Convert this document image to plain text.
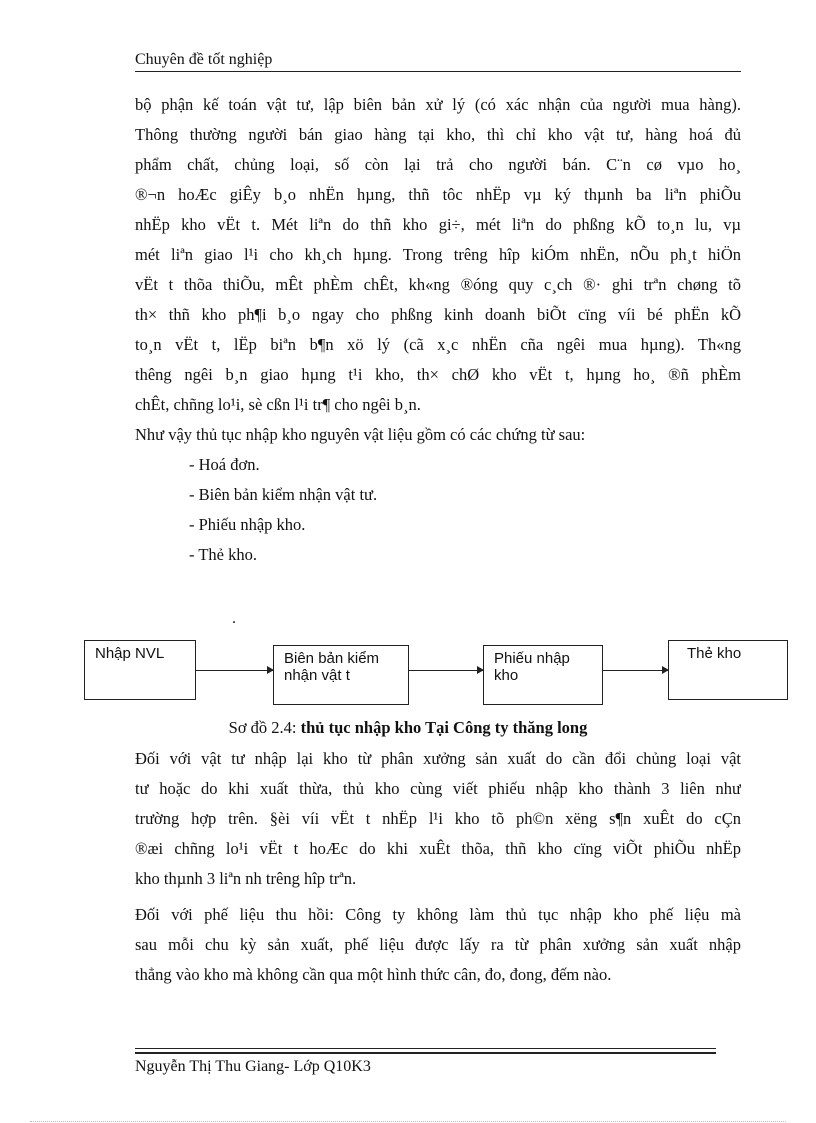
Chuyên đề tốt nghiệp
bộ phận kế toán vật tư, lập biên bản xử lý (có xác nhận của người mua hàng).
Thông thường người bán giao hàng tại kho, thì chỉ kho vật tư, hàng hoá đủ
phẩm chất, chủng loại, số còn lại trả cho người bán. C¨n cø vµo ho¸
®¬n hoÆc giÊy b¸o nhËn hµng, thñ tôc nhËp vµ ký thµnh ba liªn phiÕu
nhËp kho vËt t. Mét liªn do thñ kho gi÷, mét liªn do phßng kÕ to¸n lu, vµ
mét liªn giao l¹i cho kh¸ch hµng. Trong trêng hîp kiÓm nhËn, nÕu ph¸t hiÖn
vËt t thõa thiÕu, mÊt phÈm chÊt, kh«ng ®óng quy c¸ch ®· ghi trªn chøng tõ
th× thñ kho ph¶i b¸o ngay cho phßng kinh doanh biÕt cïng víi bé phËn kÕ
to¸n vËt t, lËp biªn b¶n xö lý (cã x¸c nhËn cña ngêi mua hµng). Th«ng
thêng ngêi b¸n giao hµng t¹i kho, th× chØ kho vËt t, hµng ho¸ ®ñ phÈm
chÊt, chñng lo¹i, sè cßn l¹i tr¶ cho ngêi b¸n.
Như vậy thủ tục nhập kho nguyên vật liệu gồm có các chứng từ sau:
- Hoá đơn.
- Biên bản kiểm nhận vật tư.
- Phiếu nhập kho.
- Thẻ kho.
.
Nhập NVL	Biên bản kiểm
nhận vật t
Phiếu nhập
kho
Thẻ kho
Sơ đồ 2.4: thủ tục nhập kho Tại Công ty thăng long
Đối với vật tư nhập lại kho từ phân xưởng sản xuất do cần đổi chủng loại vật
tư hoặc do khi xuất thừa, thủ kho cùng viết phiếu nhập kho thành 3 liên như
trường hợp trên. §èi víi vËt t nhËp l¹i kho tõ ph©n xëng s¶n xuÊt do cÇn
®æi chñng lo¹i vËt t hoÆc do khi xuÊt thõa, thñ kho cïng viÕt phiÕu nhËp
kho thµnh 3 liªn nh trêng hîp trªn.
Đối với phế liệu thu hồi: Công ty không làm thủ tục nhập kho phế liệu mà
sau mỗi chu kỳ sản xuất, phế liệu được lấy ra từ phân xưởng sản xuất nhập
thẳng vào kho mà không cần qua một hình thức cân, đo, đong, đếm nào.
Nguyễn Thị Thu Giang- Lớp Q10K3
